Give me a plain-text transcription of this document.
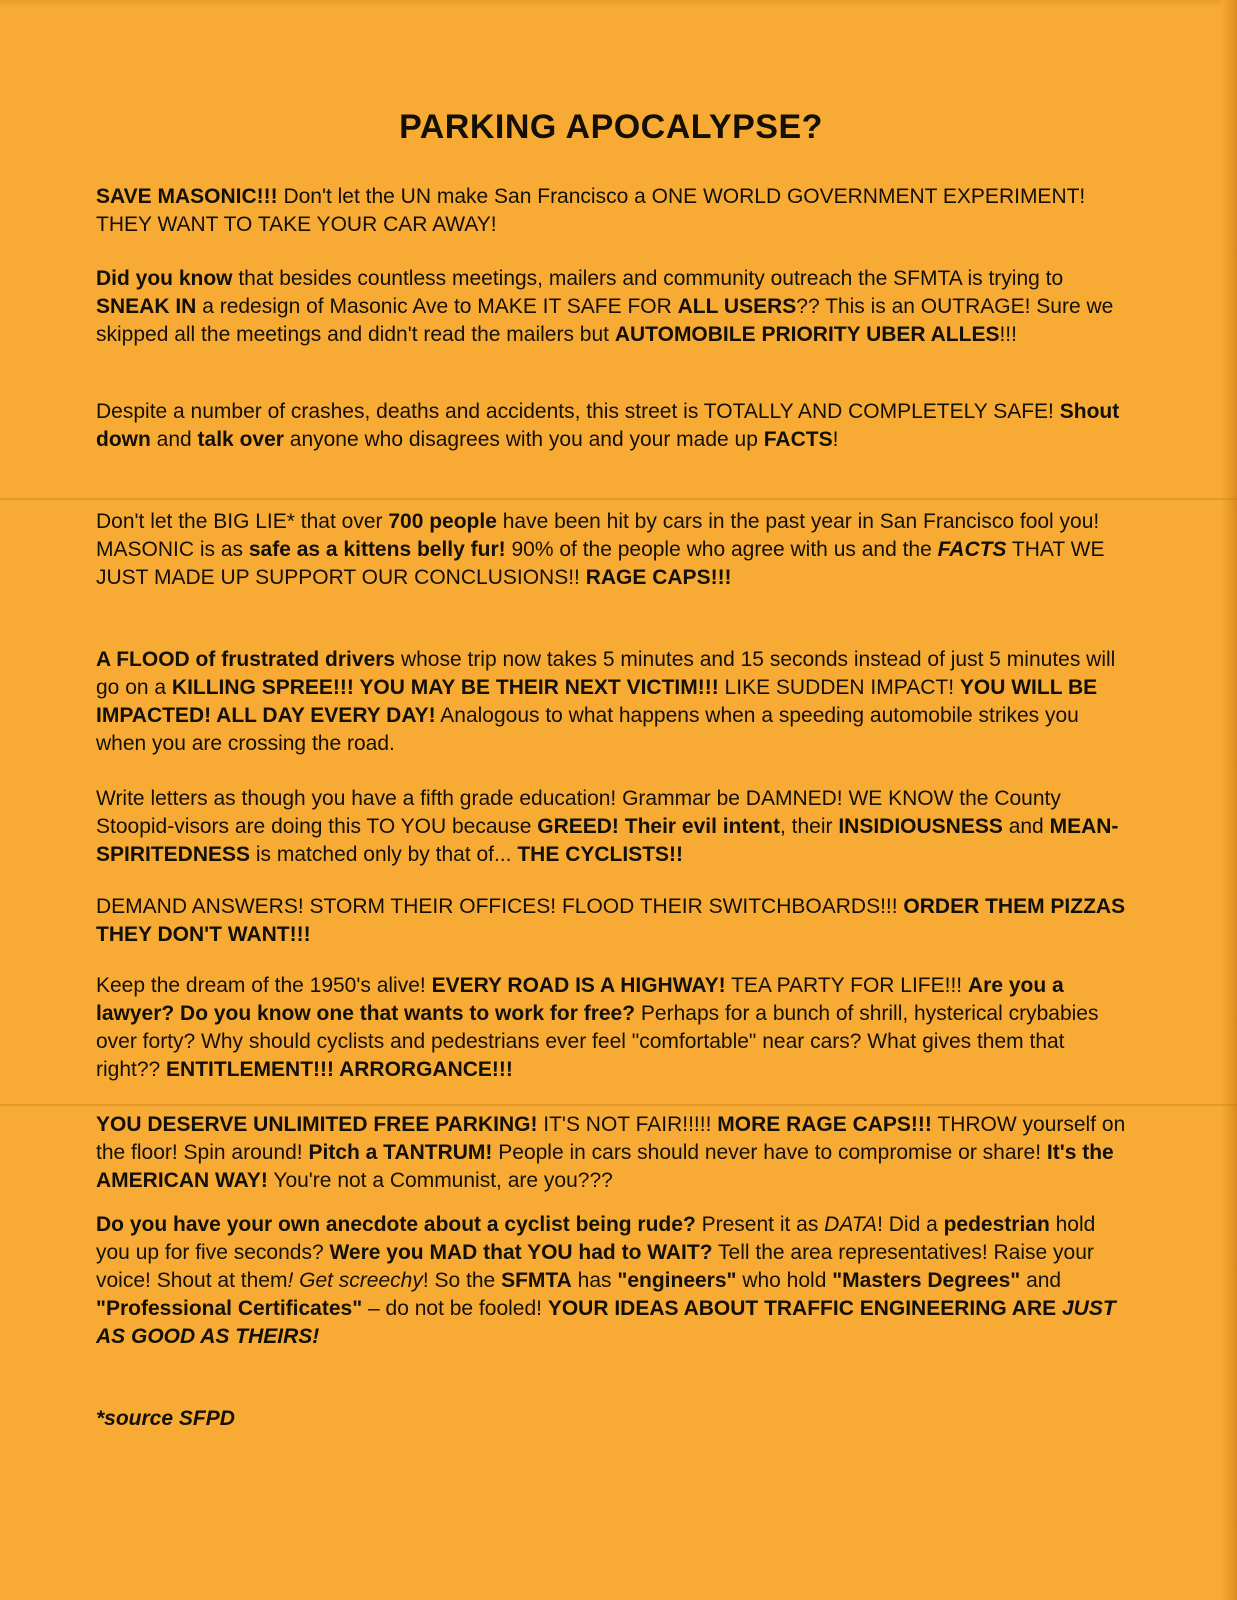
PARKING APOCALYPSE?

SAVE MASONIC!!! Don't let the UN make San Francisco a ONE WORLD GOVERNMENT EXPERIMENT! THEY WANT TO TAKE YOUR CAR AWAY!

Did you know that besides countless meetings, mailers and community outreach the SFMTA is trying to SNEAK IN a redesign of Masonic Ave to MAKE IT SAFE FOR ALL USERS?? This is an OUTRAGE! Sure we skipped all the meetings and didn't read the mailers but AUTOMOBILE PRIORITY UBER ALLES!!!

Despite a number of crashes, deaths and accidents, this street is TOTALLY AND COMPLETELY SAFE! Shout down and talk over anyone who disagrees with you and your made up FACTS!

Don't let the BIG LIE* that over 700 people have been hit by cars in the past year in San Francisco fool you! MASONIC is as safe as a kittens belly fur! 90% of the people who agree with us and the FACTS THAT WE JUST MADE UP SUPPORT OUR CONCLUSIONS!! RAGE CAPS!!!

A FLOOD of frustrated drivers whose trip now takes 5 minutes and 15 seconds instead of just 5 minutes will go on a KILLING SPREE!!! YOU MAY BE THEIR NEXT VICTIM!!! LIKE SUDDEN IMPACT! YOU WILL BE IMPACTED! ALL DAY EVERY DAY! Analogous to what happens when a speeding automobile strikes you when you are crossing the road.

Write letters as though you have a fifth grade education! Grammar be DAMNED! WE KNOW the County Stoopid-visors are doing this TO YOU because GREED! Their evil intent, their INSIDIOUSNESS and MEAN-SPIRITEDNESS is matched only by that of... THE CYCLISTS!!

DEMAND ANSWERS! STORM THEIR OFFICES! FLOOD THEIR SWITCHBOARDS!!! ORDER THEM PIZZAS THEY DON'T WANT!!!

Keep the dream of the 1950's alive! EVERY ROAD IS A HIGHWAY! TEA PARTY FOR LIFE!!! Are you a lawyer? Do you know one that wants to work for free? Perhaps for a bunch of shrill, hysterical crybabies over forty? Why should cyclists and pedestrians ever feel "comfortable" near cars? What gives them that right?? ENTITLEMENT!!! ARRORGANCE!!!

YOU DESERVE UNLIMITED FREE PARKING! IT'S NOT FAIR!!!!! MORE RAGE CAPS!!! THROW yourself on the floor! Spin around! Pitch a TANTRUM! People in cars should never have to compromise or share! It's the AMERICAN WAY! You're not a Communist, are you???

Do you have your own anecdote about a cyclist being rude? Present it as DATA! Did a pedestrian hold you up for five seconds? Were you MAD that YOU had to WAIT? Tell the area representatives! Raise your voice! Shout at them! Get screechy! So the SFMTA has "engineers" who hold "Masters Degrees" and "Professional Certificates" – do not be fooled! YOUR IDEAS ABOUT TRAFFIC ENGINEERING ARE JUST AS GOOD AS THEIRS!

*source SFPD
